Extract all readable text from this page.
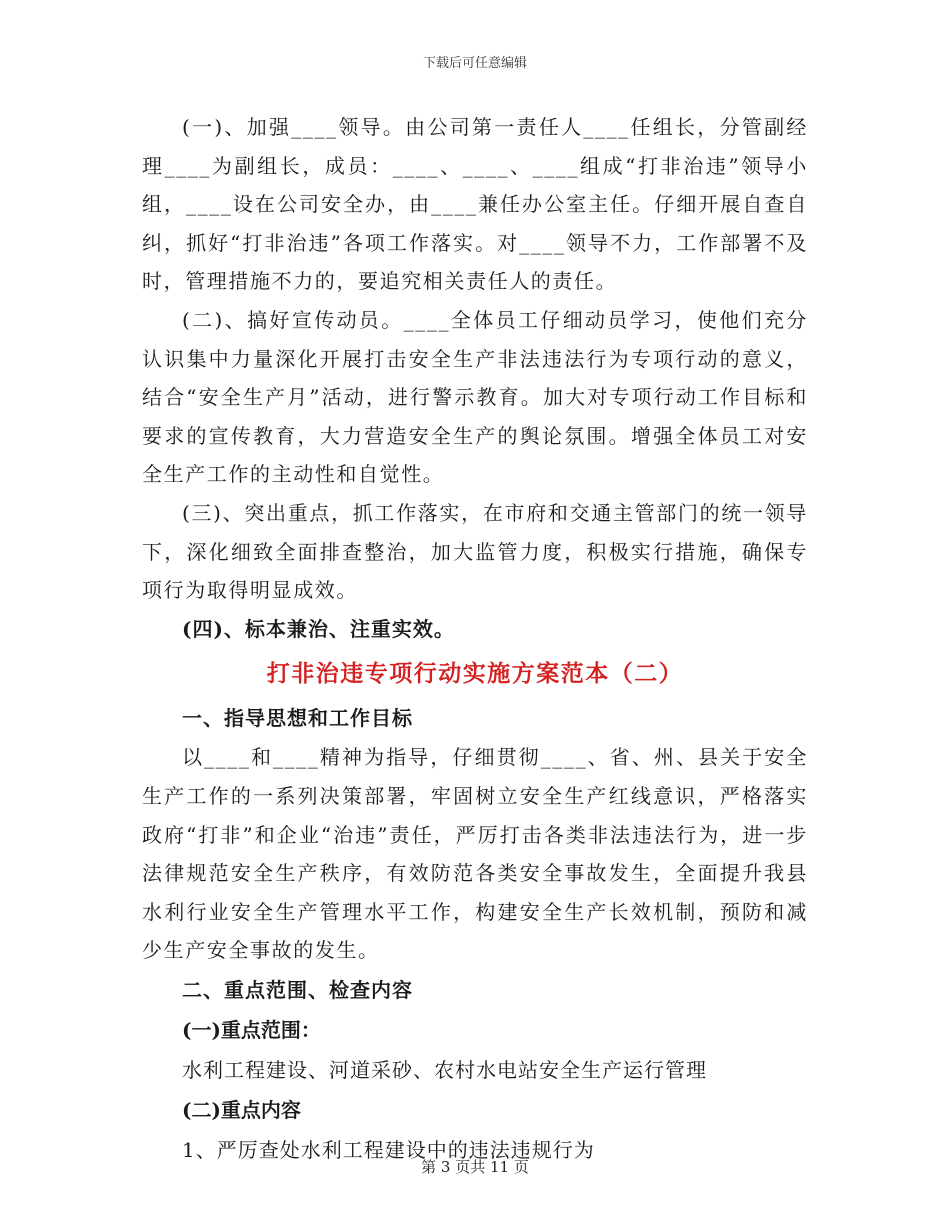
下载后可任意编辑

(一)、加强____领导。由公司第一责任人____任组长，分管副经理____为副组长，成员：____、____、____组成“打非治违”领导小组，____设在公司安全办，由____兼任办公室主任。仔细开展自查自纠，抓好“打非治违”各项工作落实。对____领导不力，工作部署不及时，管理措施不力的，要追究相关责任人的责任。

(二)、搞好宣传动员。____全体员工仔细动员学习，使他们充分认识集中力量深化开展打击安全生产非法违法行为专项行动的意义，结合“安全生产月”活动，进行警示教育。加大对专项行动工作目标和要求的宣传教育，大力营造安全生产的舆论氛围。增强全体员工对安全生产工作的主动性和自觉性。

(三)、突出重点，抓工作落实，在市府和交通主管部门的统一领导下，深化细致全面排查整治，加大监管力度，积极实行措施，确保专项行为取得明显成效。

(四)、标本兼治、注重实效。

打非治违专项行动实施方案范本（二）

一、指导思想和工作目标

以____和____精神为指导，仔细贯彻____、省、州、县关于安全生产工作的一系列决策部署，牢固树立安全生产红线意识，严格落实政府“打非”和企业“治违”责任，严厉打击各类非法违法行为，进一步法律规范安全生产秩序，有效防范各类安全事故发生，全面提升我县水利行业安全生产管理水平工作，构建安全生产长效机制，预防和减少生产安全事故的发生。

二、重点范围、检查内容

(一)重点范围：

水利工程建设、河道采砂、农村水电站安全生产运行管理

(二)重点内容

1、严厉查处水利工程建设中的违法违规行为

第 3 页共 11 页
